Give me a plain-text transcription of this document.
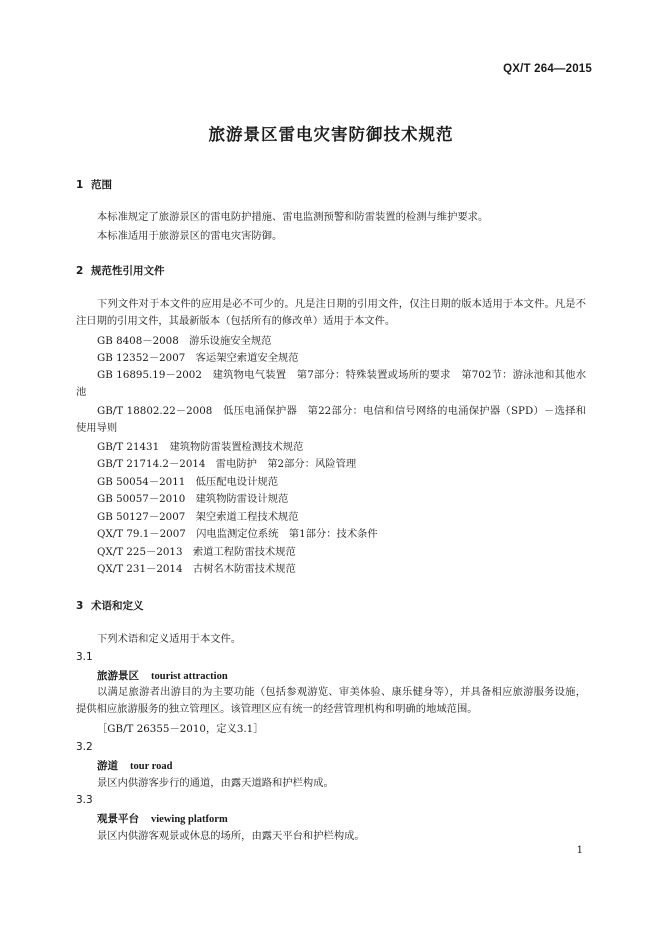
QX/T 264—2015
旅游景区雷电灾害防御技术规范
1 范围
本标准规定了旅游景区的雷电防护措施、雷电监测预警和防雷装置的检测与维护要求。
本标准适用于旅游景区的雷电灾害防御。
2 规范性引用文件
下列文件对于本文件的应用是必不可少的。凡是注日期的引用文件，仅注日期的版本适用于本文件。凡是不注日期的引用文件，其最新版本（包括所有的修改单）适用于本文件。
GB 8408－2008　游乐设施安全规范
GB 12352－2007　客运架空索道安全规范
GB 16895.19－2002　建筑物电气装置　第7部分：特殊装置或场所的要求　第702节：游泳池和其他水池
GB/T 18802.22－2008　低压电涌保护器　第22部分：电信和信号网络的电涌保护器（SPD）－选择和使用导则
GB/T 21431　建筑物防雷装置检测技术规范
GB/T 21714.2－2014　雷电防护　第2部分：风险管理
GB 50054－2011　低压配电设计规范
GB 50057－2010　建筑物防雷设计规范
GB 50127－2007　架空索道工程技术规范
QX/T 79.1－2007　闪电监测定位系统　第1部分：技术条件
QX/T 225－2013　索道工程防雷技术规范
QX/T 231－2014　古树名木防雷技术规范
3 术语和定义
下列术语和定义适用于本文件。
3.1
旅游景区 tourist attraction
以满足旅游者出游目的为主要功能（包括参观游览、审美体验、康乐健身等），并具备相应旅游服务设施，提供相应旅游服务的独立管理区。该管理区应有统一的经营管理机构和明确的地域范围。
［GB/T 26355－2010，定义3.1］
3.2
游道 tour road
景区内供游客步行的通道，由露天道路和护栏构成。
3.3
观景平台 viewing platform
景区内供游客观景或休息的场所，由露天平台和护栏构成。
1
